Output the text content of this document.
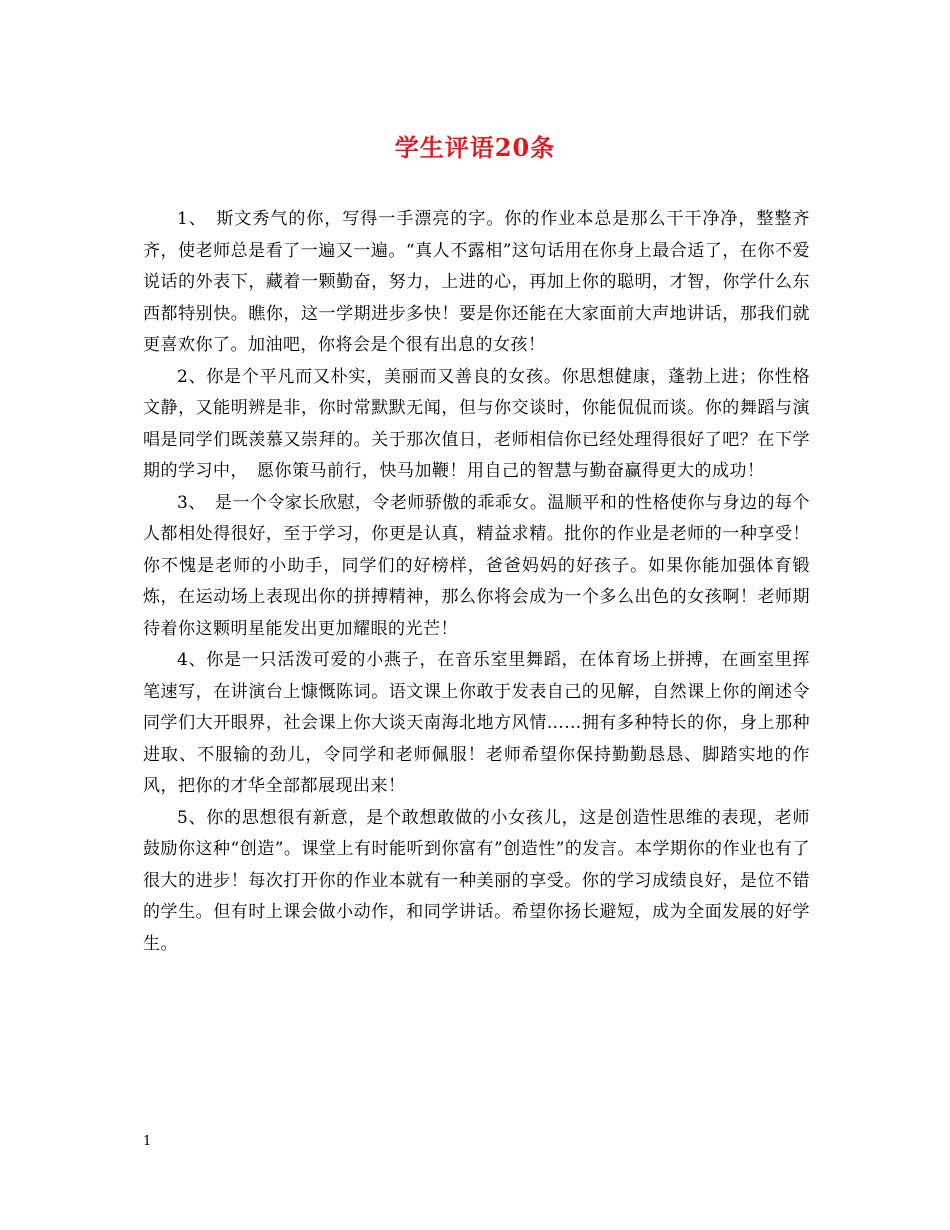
学生评语20条

1、　斯文秀气的你，写得一手漂亮的字。你的作业本总是那么干干净净，整整齐齐，使老师总是看了一遍又一遍。“真人不露相”这句话用在你身上最合适了，在你不爱说话的外表下，藏着一颗勤奋，努力，上进的心，再加上你的聪明，才智，你学什么东西都特别快。瞧你，这一学期进步多快！要是你还能在大家面前大声地讲话，那我们就更喜欢你了。加油吧，你将会是个很有出息的女孩！

2、你是个平凡而又朴实，美丽而又善良的女孩。你思想健康，蓬勃上进；你性格文静，又能明辨是非，你时常默默无闻，但与你交谈时，你能侃侃而谈。你的舞蹈与演唱是同学们既羡慕又崇拜的。关于那次值日，老师相信你已经处理得很好了吧？在下学期的学习中，　愿你策马前行，快马加鞭！用自己的智慧与勤奋赢得更大的成功！

3、　是一个令家长欣慰，令老师骄傲的乖乖女。温顺平和的性格使你与身边的每个人都相处得很好，至于学习，你更是认真，精益求精。批你的作业是老师的一种享受！你不愧是老师的小助手，同学们的好榜样，爸爸妈妈的好孩子。如果你能加强体育锻炼，在运动场上表现出你的拼搏精神，那么你将会成为一个多么出色的女孩啊！老师期待着你这颗明星能发出更加耀眼的光芒！

4、你是一只活泼可爱的小燕子，在音乐室里舞蹈，在体育场上拼搏，在画室里挥笔速写，在讲演台上慷慨陈词。语文课上你敢于发表自己的见解，自然课上你的阐述令同学们大开眼界，社会课上你大谈天南海北地方风情……拥有多种特长的你，身上那种进取、不服输的劲儿，令同学和老师佩服！老师希望你保持勤勤恳恳、脚踏实地的作风，把你的才华全部都展现出来！

5、你的思想很有新意，是个敢想敢做的小女孩儿，这是创造性思维的表现，老师鼓励你这种“创造”。课堂上有时能听到你富有”创造性”的发言。本学期你的作业也有了很大的进步！每次打开你的作业本就有一种美丽的享受。你的学习成绩良好，是位不错的学生。但有时上课会做小动作，和同学讲话。希望你扬长避短，成为全面发展的好学生。

1
